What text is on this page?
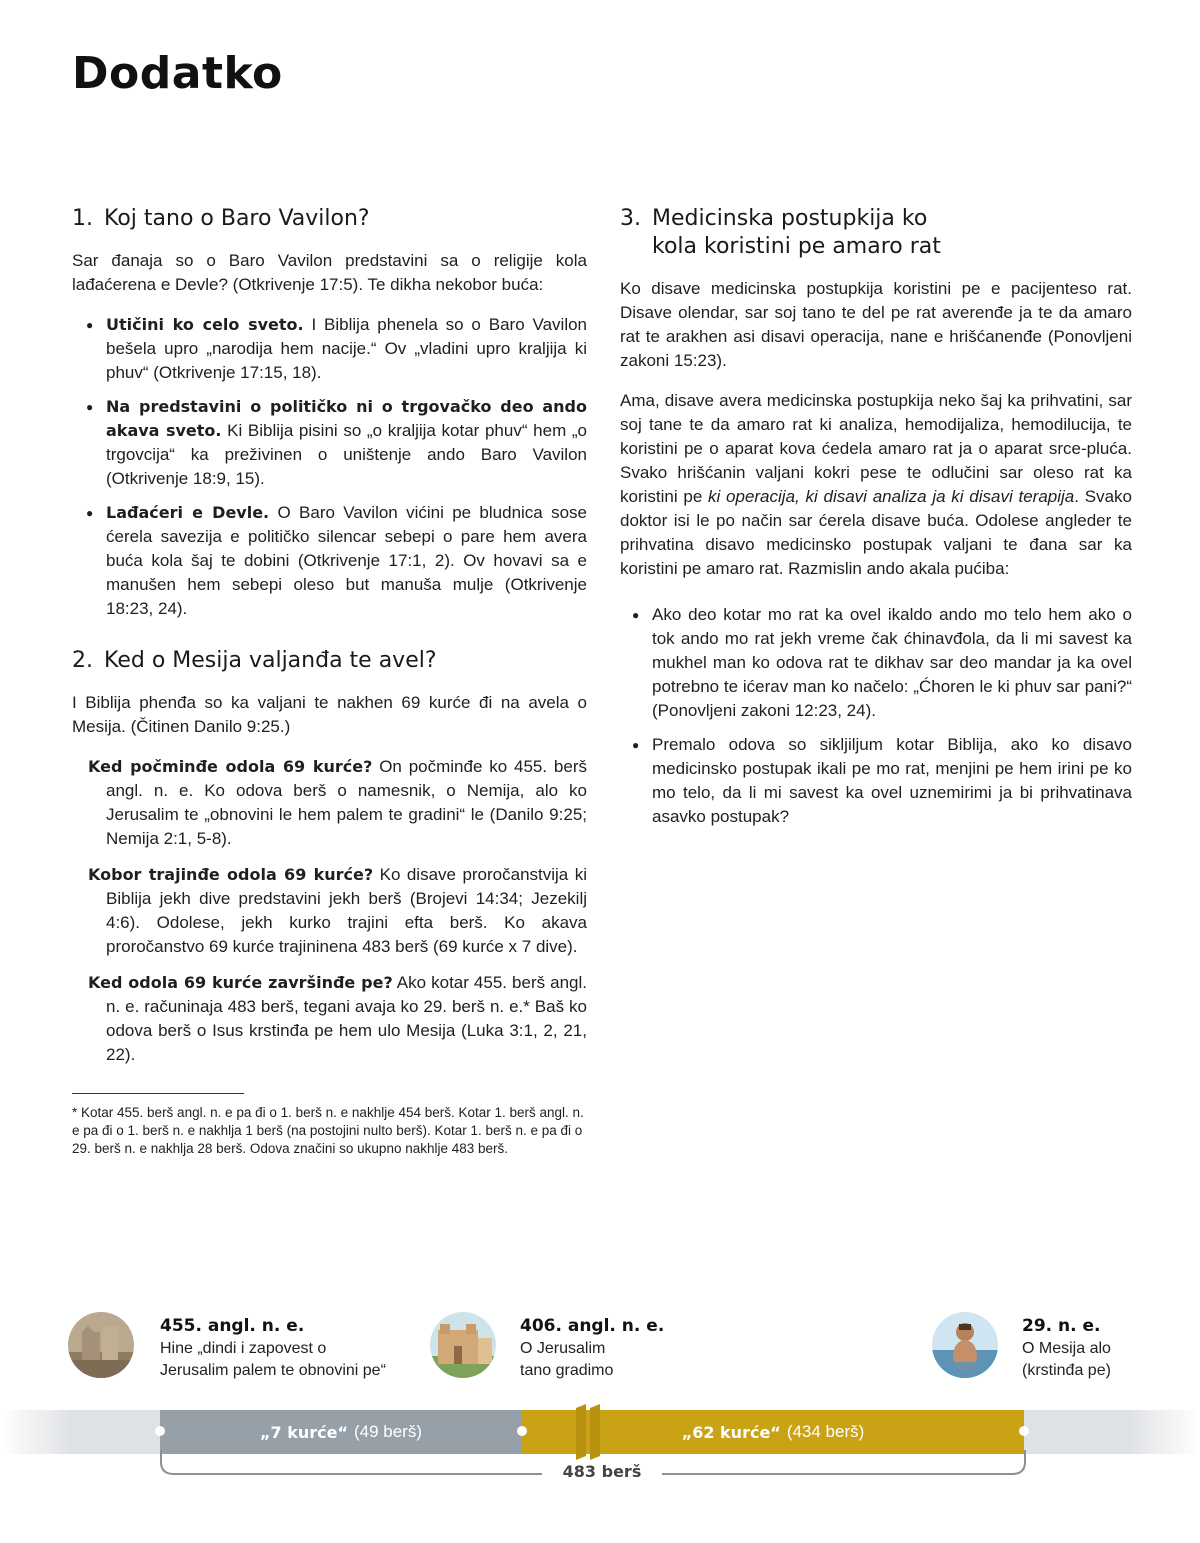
Dodatko
1. Koj tano o Baro Vavilon?

Sar đanaja so o Baro Vavilon predstavini sa o religije kola lađaćerena e Devle? (Otkrivenje 17:5). Te dikha nekobor buća:

● Utičini ko celo sveto. I Biblija phenela so o Baro Vavilon bešela upro „narodija hem nacije.“ Ov „vladini upro kraljija ki phuv“ (Otkrivenje 17:15, 18).
● Na predstavini o političko ni o trgovačko deo ando akava sveto. Ki Biblija pisini so „o kraljija kotar phuv“ hem „o trgovcija“ ka preživinen o uništenje ando Baro Vavilon (Otkrivenje 18:9, 15).
● Lađaćeri e Devle. O Baro Vavilon vićini pe bludnica sose ćerela savezija e političko silencar sebepi o pare hem avera buća kola šaj te dobini (Otkrivenje 17:1, 2). Ov hovavi sa e manušen hem sebepi oleso but manuša mulje (Otkrivenje 18:23, 24).
2. Ked o Mesija valjanđa te avel?

I Biblija phenđa so ka valjani te nakhen 69 kurće đi na avela o Mesija. (Čitinen Danilo 9:25.)

Ked počminđe odola 69 kurće? On počminđe ko 455. berš angl. n. e. Ko odova berš o namesnik, o Nemija, alo ko Jerusalim te „obnovini le hem palem te gradini“ le (Danilo 9:25; Nemija 2:1, 5-8).

Kobor trajinđe odola 69 kurće? Ko disave proročanstvija ki Biblija jekh dive predstavini jekh berš (Brojevi 14:34; Jezekilj 4:6). Odolese, jekh kurko trajini efta berš. Ko akava proročanstvo 69 kurće trajininena 483 berš (69 kurće x 7 dive).

Ked odola 69 kurće završinđe pe? Ako kotar 455. berš angl. n. e. računinaja 483 berš, tegani avaja ko 29. berš n. e.* Baš ko odova berš o Isus krstinđa pe hem ulo Mesija (Luka 3:1, 2, 21, 22).

* Kotar 455. berš angl. n. e pa đi o 1. berš n. e nakhlje 454 berš. Kotar 1. berš angl. n. e pa đi o 1. berš n. e nakhlja 1 berš (na postojini nulto berš). Kotar 1. berš n. e pa đi o 29. berš n. e nakhlja 28 berš. Odova značini so ukupno nakhlje 483 berš.
3. Medicinska postupkija ko
kola koristini pe amaro rat

Ko disave medicinska postupkija koristini pe e pacijenteso rat. Disave olendar, sar soj tano te del pe rat averenđe ja te da amaro rat te arakhen asi disavi operacija, nane e hrišćanenđe (Ponovljeni zakoni 15:23).

Ama, disave avera medicinska postupkija neko šaj ka prihvatini, sar soj tane te da amaro rat ki analiza, hemodijaliza, hemodilucija, te koristini pe o aparat kova ćedela amaro rat ja o aparat srce-pluća. Svako hrišćanin valjani kokri pese te odlučini sar oleso rat ka koristini pe ki operacija, ki disavi analiza ja ki disavi terapija. Svako doktor isi le po način sar ćerela disave buća. Odolese angleder te prihvatina disavo medicinsko postupak valjani te đana sar ka koristini pe amaro rat. Razmislin ando akala pućiba:

● Ako deo kotar mo rat ka ovel ikaldo ando mo telo hem ako o tok ando mo rat jekh vreme čak ćhinavđola, da li mi savest ka mukhel man ko odova rat te dikhav sar deo mandar ja ka ovel potrebno te ićerav man ko načelo: „Ćhoren le ki phuv sar pani?“ (Ponovljeni zakoni 12:23, 24).
● Premalo odova so sikljiljum kotar Biblija, ako ko disavo medicinsko postupak ikali pe mo rat, menjini pe hem irini pe ko mo telo, da li mi savest ka ovel uznemirimi ja bi prihvatinava asavko postupak?
455. angl. n. e.
Hine „dindi i zapovest o
Jerusalim palem te obnovini pe“
406. angl. n. e.
O Jerusalim
tano gradimo
29. n. e.
O Mesija alo
(krstinđa pe)
„7 kurće“ (49 berš)	„62 kurće“ (434 berš)
483 berš
